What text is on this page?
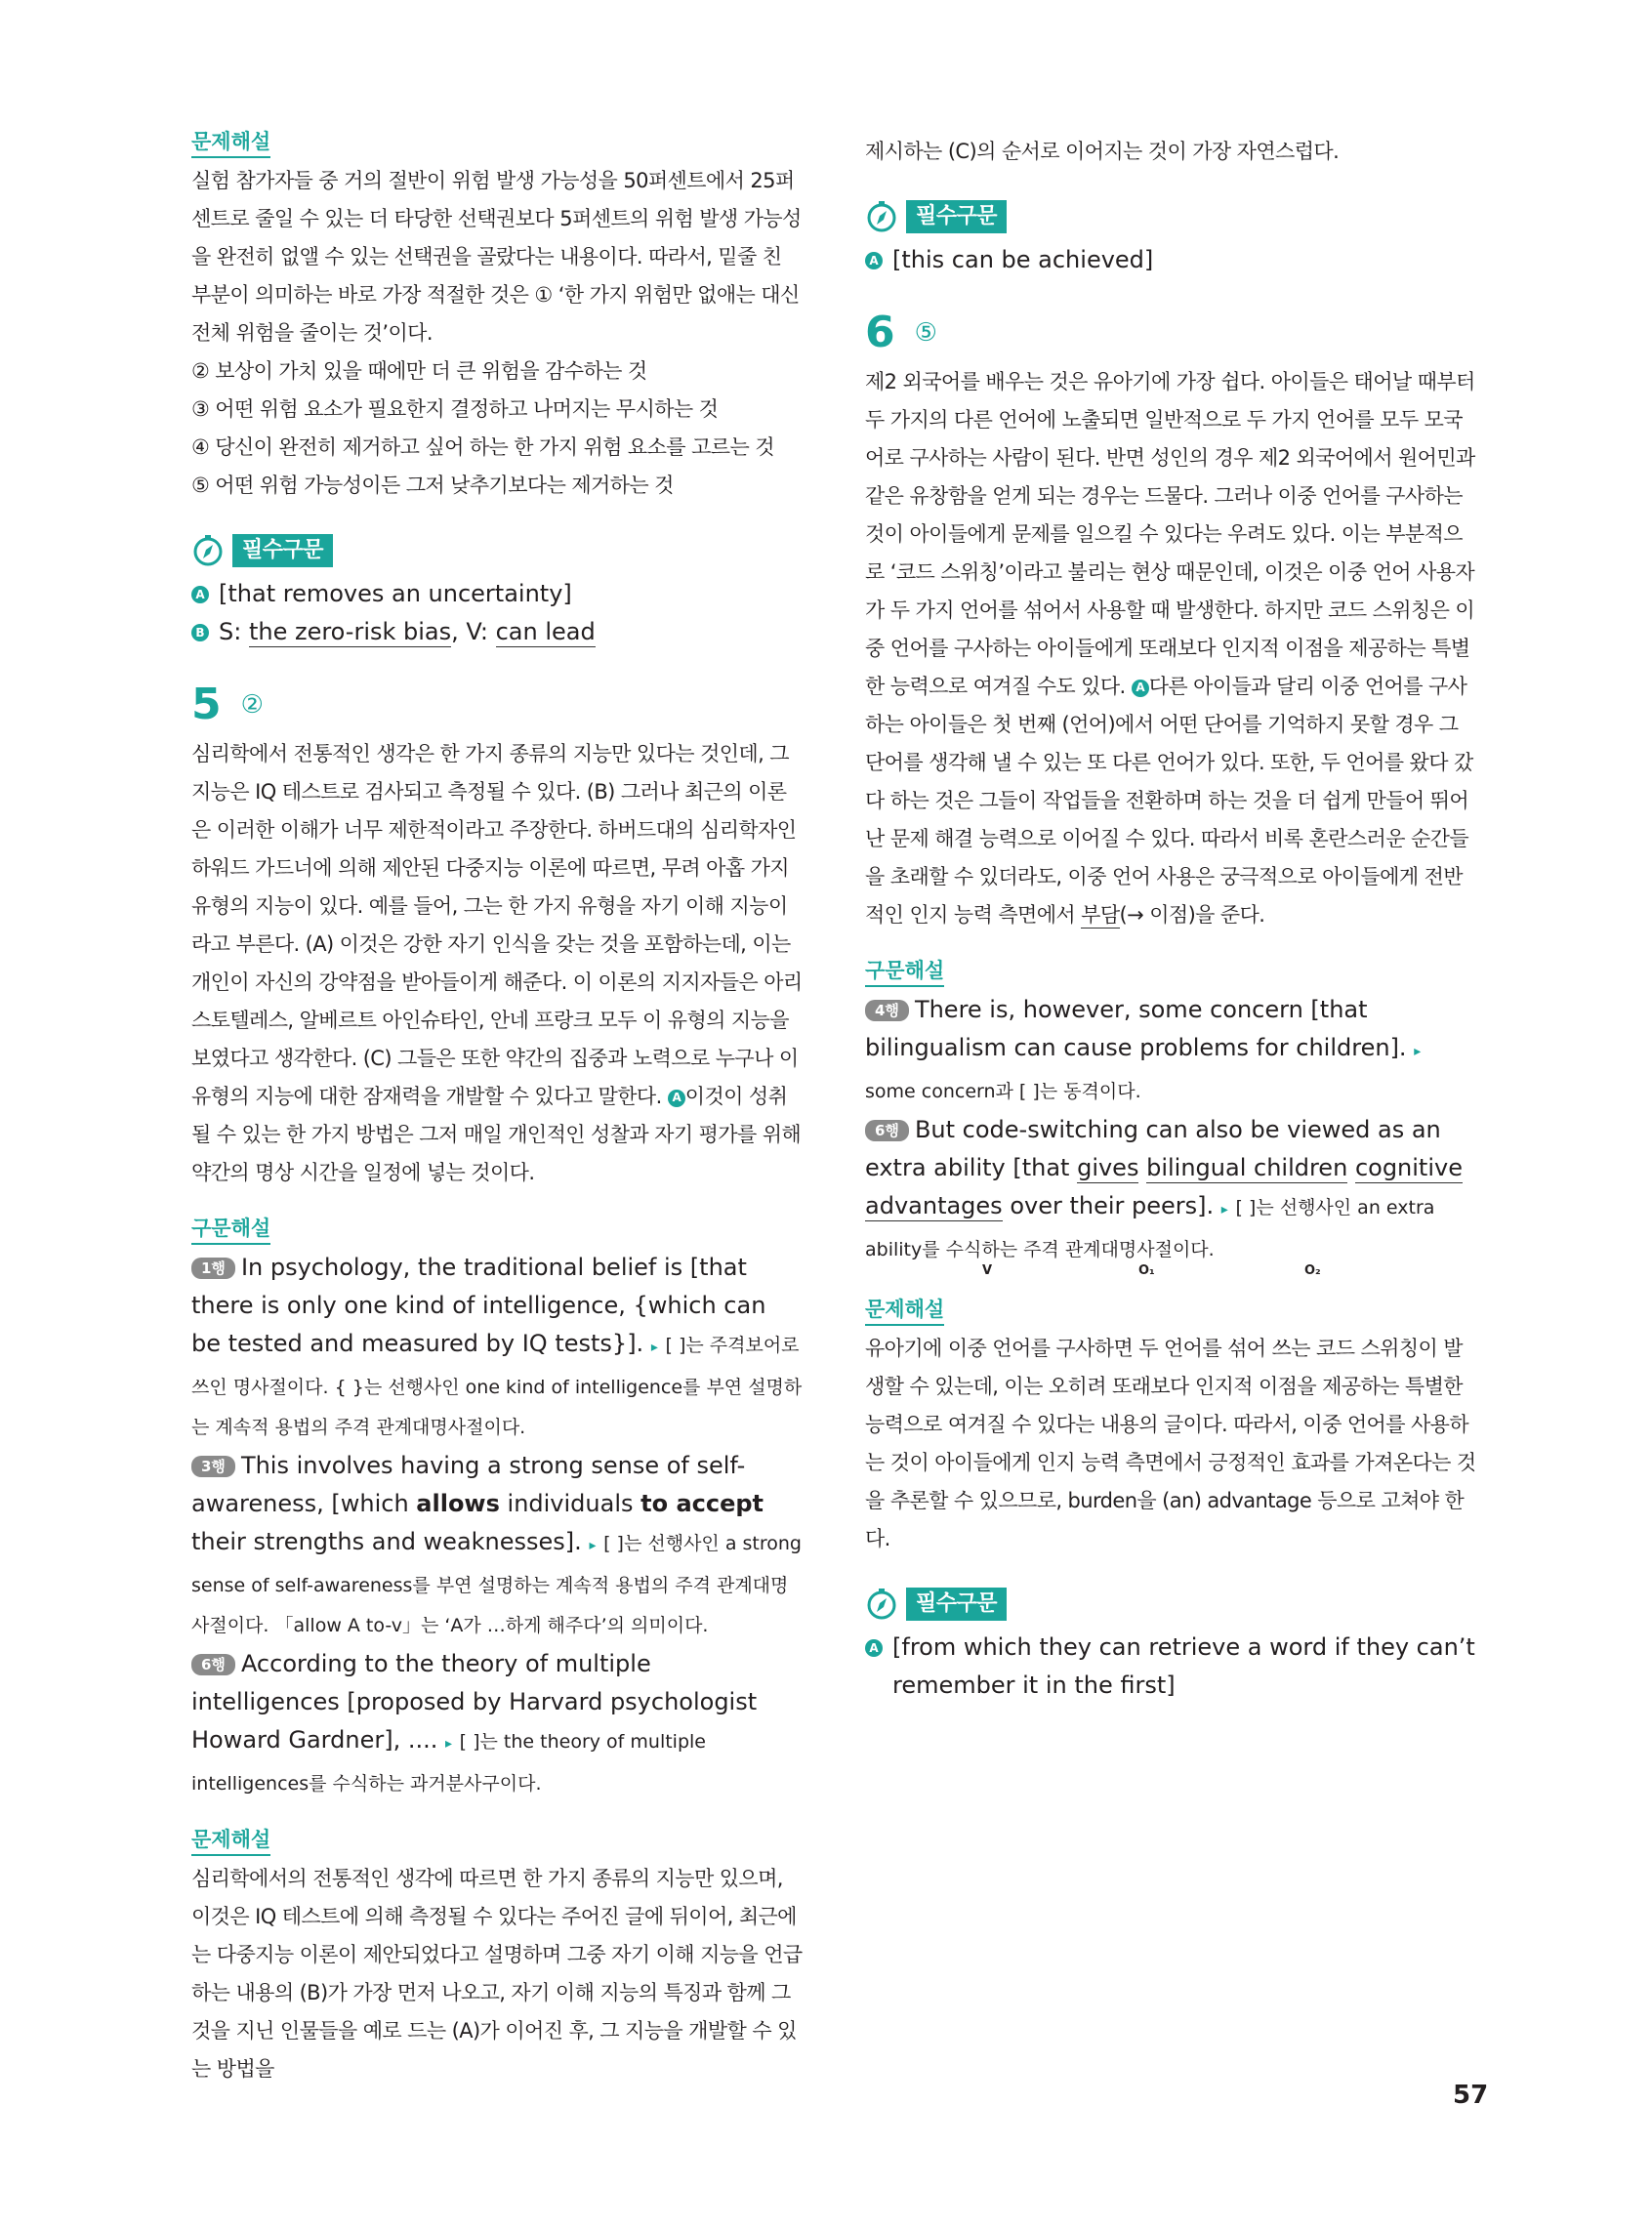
문제해설

실험 참가자들 중 거의 절반이 위험 발생 가능성을 50퍼센트에서 25퍼센트로 줄일 수 있는 더 타당한 선택권보다 5퍼센트의 위험 발생 가능성을 완전히 없앨 수 있는 선택권을 골랐다는 내용이다. 따라서, 밑줄 친 부분이 의미하는 바로 가장 적절한 것은 ① ‘한 가지 위험만 없애는 대신 전체 위험을 줄이는 것’이다.

② 보상이 가치 있을 때에만 더 큰 위험을 감수하는 것

③ 어떤 위험 요소가 필요한지 결정하고 나머지는 무시하는 것

④ 당신이 완전히 제거하고 싶어 하는 한 가지 위험 요소를 고르는 것

⑤ 어떤 위험 가능성이든 그저 낮추기보다는 제거하는 것

필수구문
A [that removes an uncertainty]
B S: the zero-risk bias, V: can lead
5 ②

심리학에서 전통적인 생각은 한 가지 종류의 지능만 있다는 것인데, 그 지능은 IQ 테스트로 검사되고 측정될 수 있다. (B) 그러나 최근의 이론은 이러한 이해가 너무 제한적이라고 주장한다. 하버드대의 심리학자인 하워드 가드너에 의해 제안된 다중지능 이론에 따르면, 무려 아홉 가지 유형의 지능이 있다. 예를 들어, 그는 한 가지 유형을 자기 이해 지능이라고 부른다. (A) 이것은 강한 자기 인식을 갖는 것을 포함하는데, 이는 개인이 자신의 강약점을 받아들이게 해준다. 이 이론의 지지자들은 아리스토텔레스, 알베르트 아인슈타인, 안네 프랑크 모두 이 유형의 지능을 보였다고 생각한다. (C) 그들은 또한 약간의 집중과 노력으로 누구나 이 유형의 지능에 대한 잠재력을 개발할 수 있다고 말한다. A 이것이 성취될 수 있는 한 가지 방법은 그저 매일 개인적인 성찰과 자기 평가를 위해 약간의 명상 시간을 일정에 넣는 것이다.

구문해설

1행 In psychology, the traditional belief is [that there is only one kind of intelligence, {which can be tested and measured by IQ tests}]. ▸ [ ]는 주격보어로 쓰인 명사절이다. { }는 선행사인 one kind of intelligence를 부연 설명하는 계속적 용법의 주격 관계대명사절이다.

3행 This involves having a strong sense of self-awareness, [which allows individuals to accept their strengths and weaknesses]. ▸ [ ]는 선행사인 a strong sense of self-awareness를 부연 설명하는 계속적 용법의 주격 관계대명사절이다. 「allow A to-v」는 ‘A가 …하게 해주다’의 의미이다.

6행 According to the theory of multiple intelligences [proposed by Harvard psychologist Howard Gardner], .... ▸ [ ]는 the theory of multiple intelligences를 수식하는 과거분사구이다.

문제해설

심리학에서의 전통적인 생각에 따르면 한 가지 종류의 지능만 있으며, 이것은 IQ 테스트에 의해 측정될 수 있다는 주어진 글에 뒤이어, 최근에는 다중지능 이론이 제안되었다고 설명하며 그중 자기 이해 지능을 언급하는 내용의 (B)가 가장 먼저 나오고, 자기 이해 지능의 특징과 함께 그것을 지닌 인물들을 예로 드는 (A)가 이어진 후, 그 지능을 개발할 수 있는 방법을

제시하는 (C)의 순서로 이어지는 것이 가장 자연스럽다.

필수구문
A [this can be achieved]
6 ⑤

제2 외국어를 배우는 것은 유아기에 가장 쉽다. 아이들은 태어날 때부터 두 가지의 다른 언어에 노출되면 일반적으로 두 가지 언어를 모두 모국어로 구사하는 사람이 된다. 반면 성인의 경우 제2 외국어에서 원어민과 같은 유창함을 얻게 되는 경우는 드물다. 그러나 이중 언어를 구사하는 것이 아이들에게 문제를 일으킬 수 있다는 우려도 있다. 이는 부분적으로 ‘코드 스위칭’이라고 불리는 현상 때문인데, 이것은 이중 언어 사용자가 두 가지 언어를 섞어서 사용할 때 발생한다. 하지만 코드 스위칭은 이중 언어를 구사하는 아이들에게 또래보다 인지적 이점을 제공하는 특별한 능력으로 여겨질 수도 있다. A 다른 아이들과 달리 이중 언어를 구사하는 아이들은 첫 번째 (언어)에서 어떤 단어를 기억하지 못할 경우 그 단어를 생각해 낼 수 있는 또 다른 언어가 있다. 또한, 두 언어를 왔다 갔다 하는 것은 그들이 작업들을 전환하며 하는 것을 더 쉽게 만들어 뛰어난 문제 해결 능력으로 이어질 수 있다. 따라서 비록 혼란스러운 순간들을 초래할 수 있더라도, 이중 언어 사용은 궁극적으로 아이들에게 전반적인 인지 능력 측면에서 부담(→ 이점)을 준다.

구문해설

4행 There is, however, some concern [that bilingualism can cause problems for children]. ▸ some concern과 [ ]는 동격이다.

6행 But code-switching can also be viewed as an extra ability [that gives bilingual children cognitive advantages over their peers]. ▸ [ ]는 선행사인 an extra ability를 수식하는 주격 관계대명사절이다.

V	O₁	O₂
문제해설

유아기에 이중 언어를 구사하면 두 언어를 섞어 쓰는 코드 스위칭이 발생할 수 있는데, 이는 오히려 또래보다 인지적 이점을 제공하는 특별한 능력으로 여겨질 수 있다는 내용의 글이다. 따라서, 이중 언어를 사용하는 것이 아이들에게 인지 능력 측면에서 긍정적인 효과를 가져온다는 것을 추론할 수 있으므로, burden을 (an) advantage 등으로 고쳐야 한다.

필수구문
A [from which they can retrieve a word if they can’t remember it in the first]
57
